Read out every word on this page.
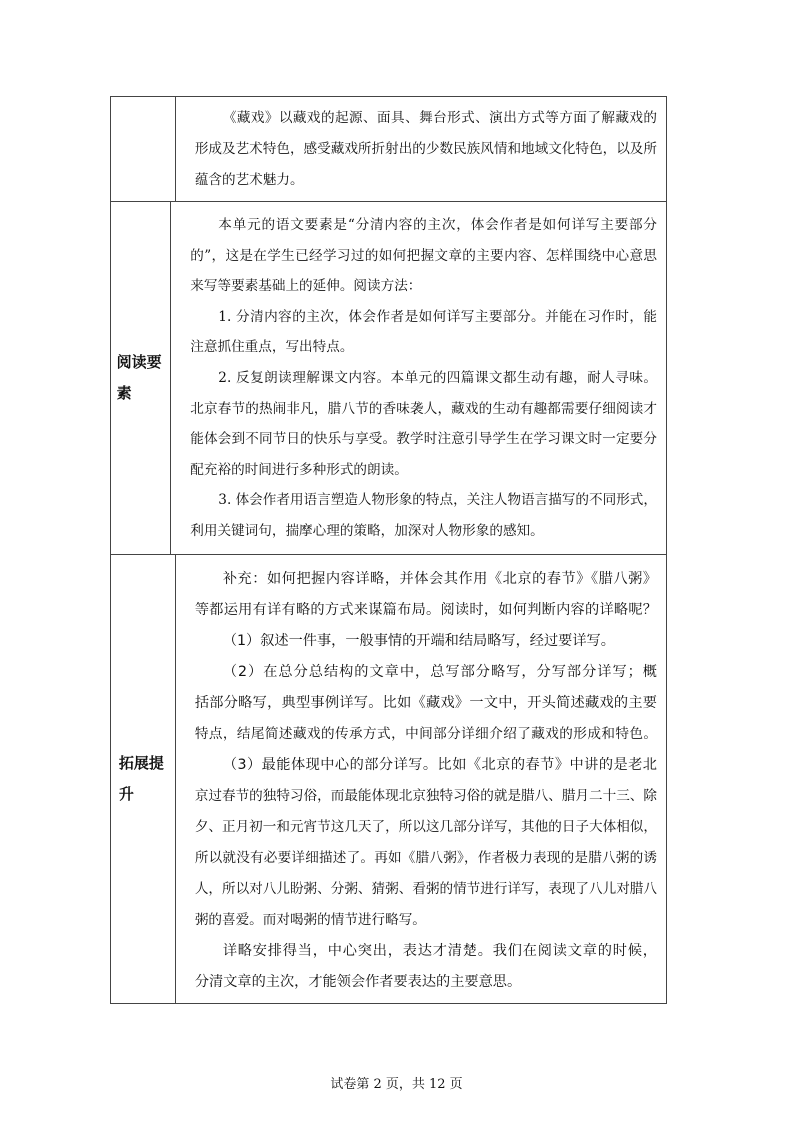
《藏戏》以藏戏的起源、面具、舞台形式、演出方式等方面了解藏戏的
形成及艺术特色，感受藏戏所折射出的少数民族风情和地域文化特色，以及所
蕴含的艺术魅力。
阅读要素
本单元的语文要素是“分清内容的主次，体会作者是如何详写主要部分
的”，这是在学生已经学习过的如何把握文章的主要内容、怎样围绕中心意思
来写等要素基础上的延伸。阅读方法：
1. 分清内容的主次，体会作者是如何详写主要部分。并能在习作时，能
注意抓住重点，写出特点。
2. 反复朗读理解课文内容。本单元的四篇课文都生动有趣，耐人寻味。
北京春节的热闹非凡，腊八节的香味袭人，藏戏的生动有趣都需要仔细阅读才
能体会到不同节日的快乐与享受。教学时注意引导学生在学习课文时一定要分
配充裕的时间进行多种形式的朗读。
3. 体会作者用语言塑造人物形象的特点，关注人物语言描写的不同形式，
利用关键词句，揣摩心理的策略，加深对人物形象的感知。
拓展提升
补充：如何把握内容详略，并体会其作用《北京的春节》《腊八粥》
等都运用有详有略的方式来谋篇布局。阅读时，如何判断内容的详略呢？
（1）叙述一件事，一般事情的开端和结局略写，经过要详写。
（2）在总分总结构的文章中，总写部分略写，分写部分详写；概
括部分略写，典型事例详写。比如《藏戏》一文中，开头简述藏戏的主要
特点，结尾简述藏戏的传承方式，中间部分详细介绍了藏戏的形成和特色。
（3）最能体现中心的部分详写。比如《北京的春节》中讲的是老北
京过春节的独特习俗，而最能体现北京独特习俗的就是腊八、腊月二十三、除
夕、正月初一和元宵节这几天了，所以这几部分详写，其他的日子大体相似，
所以就没有必要详细描述了。再如《腊八粥》，作者极力表现的是腊八粥的诱
人，所以对八儿盼粥、分粥、猜粥、看粥的情节进行详写，表现了八儿对腊八
粥的喜爱。而对喝粥的情节进行略写。
详略安排得当，中心突出，表达才清楚。我们在阅读文章的时候，
分清文章的主次，才能领会作者要表达的主要意思。
试卷第 2 页，共 12 页
